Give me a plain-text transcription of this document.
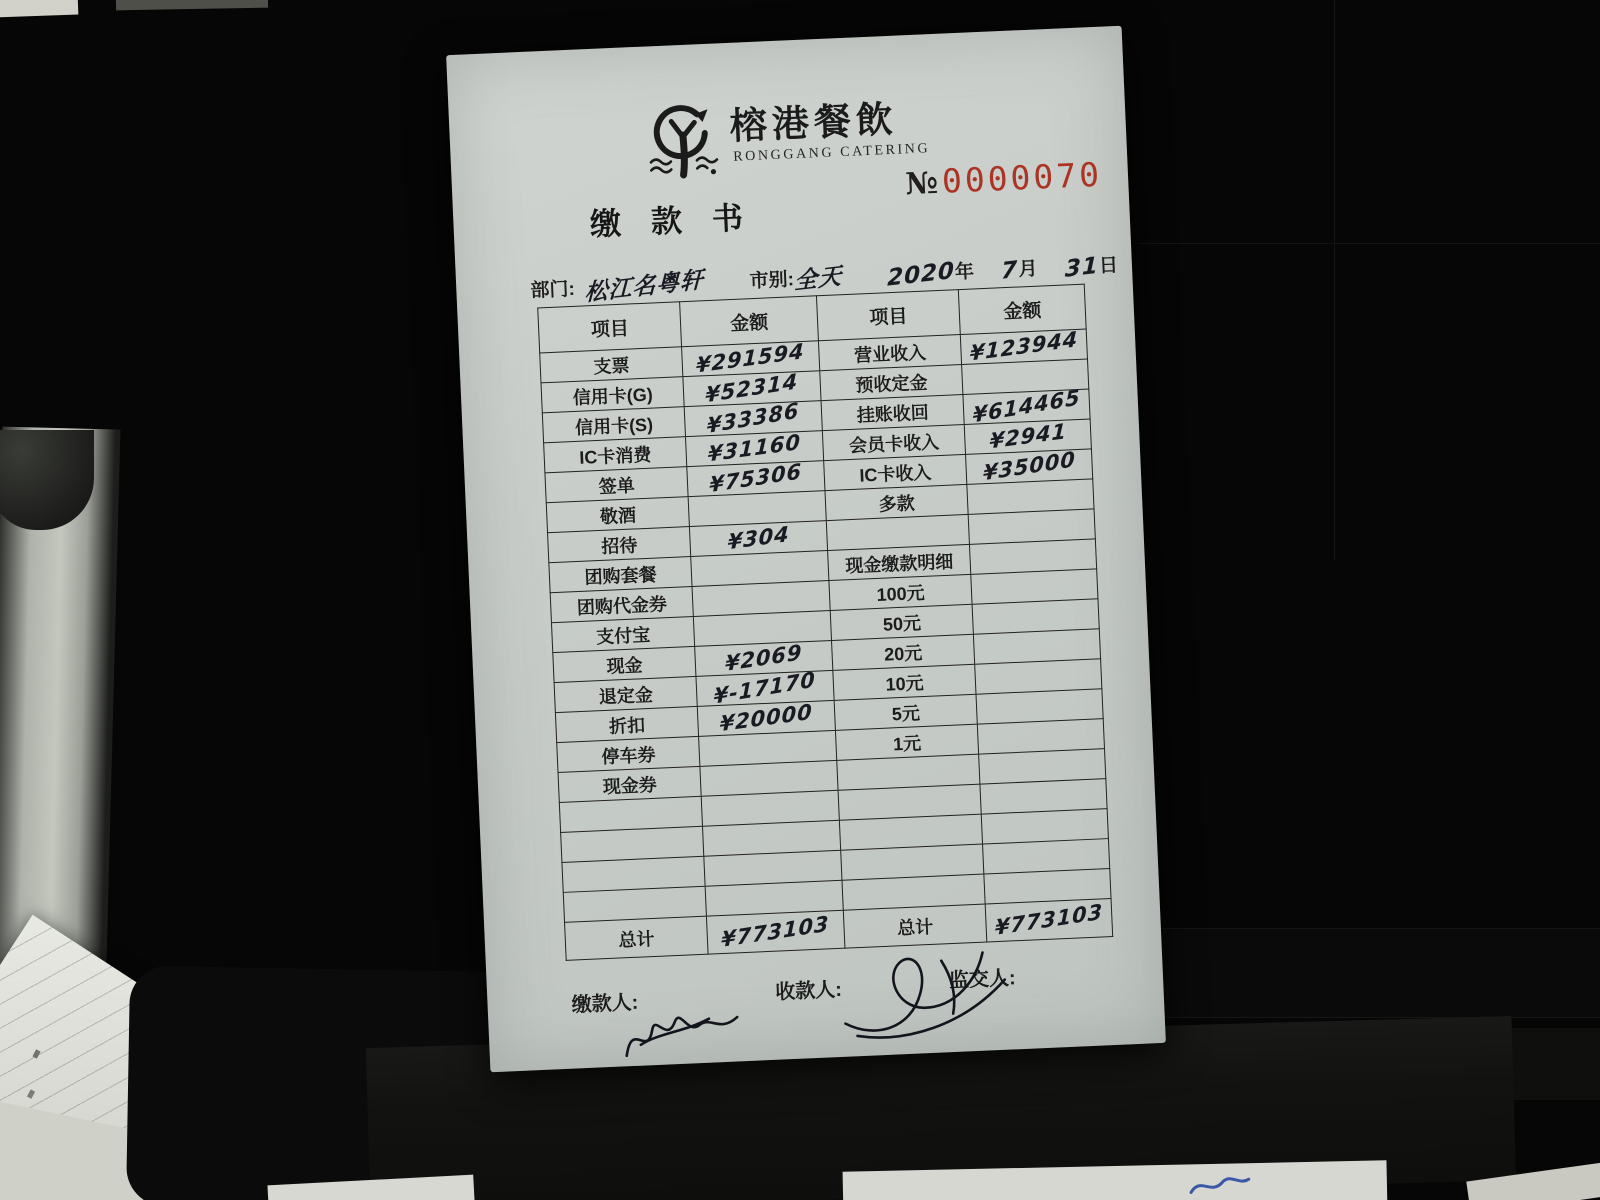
榕港餐飲
RONGGANG CATERING
№ 0000070
缴款书
部门: 松江名粤轩 市别: 全天 2020 年 7 月 31 日
项目	金额	项目	金额
支票	¥291594	营业收入	¥123944
信用卡(G)	¥52314	预收定金	
信用卡(S)	¥33386	挂账收回	¥614465
IC卡消费	¥31160	会员卡收入	¥2941
签单	¥75306	IC卡收入	¥35000
敬酒		多款	
招待	¥304		
团购套餐		现金缴款明细	
团购代金券		100元	
支付宝		50元	
现金	¥2069	20元	
退定金	¥-17170	10元	
折扣	¥20000	5元	
停车券		1元	
现金券			

总计	¥773103	总计	¥773103
缴款人:
收款人:	监交人:
